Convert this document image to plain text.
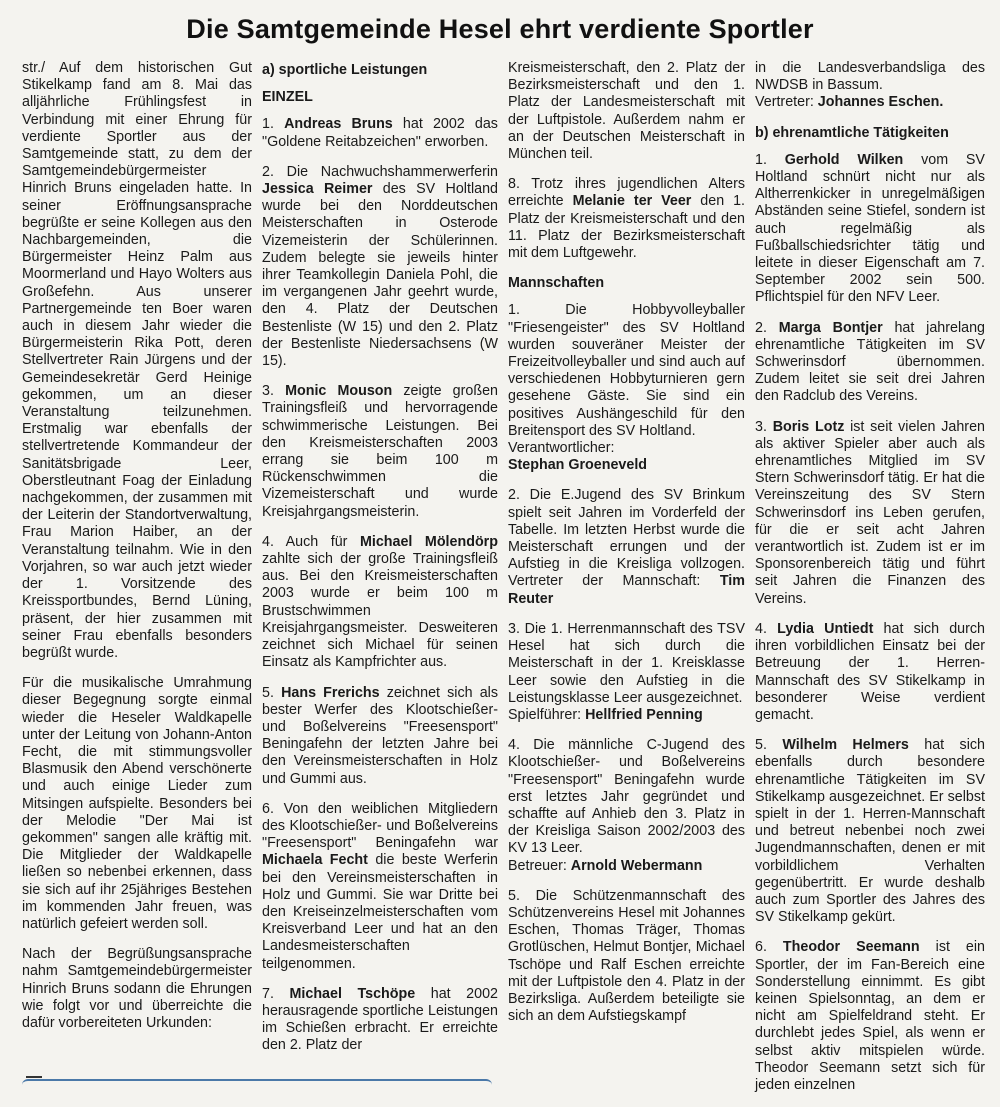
Die Samtgemeinde Hesel ehrt verdiente Sportler

str./ Auf dem historischen Gut Stikelkamp fand am 8. Mai das alljährliche Frühlingsfest in Verbindung mit einer Ehrung für verdiente Sportler aus der Samtgemeinde statt, zu dem der Samtgemeindebürgermeister Hinrich Bruns eingeladen hatte. In seiner Eröffnungsansprache begrüßte er seine Kollegen aus den Nachbargemeinden, die Bürgermeister Heinz Palm aus Moormerland und Hayo Wolters aus Großefehn. Aus unserer Partnergemeinde ten Boer waren auch in diesem Jahr wieder die Bürgermeisterin Rika Pott, deren Stellvertreter Rain Jürgens und der Gemeindesekretär Gerd Heinige gekommen, um an dieser Veranstaltung teilzunehmen. Erstmalig war ebenfalls der stellvertretende Kommandeur der Sanitätsbrigade Leer, Oberstleutnant Foag der Einladung nachgekommen, der zusammen mit der Leiterin der Standortverwaltung, Frau Marion Haiber, an der Veranstaltung teilnahm. Wie in den Vorjahren, so war auch jetzt wieder der 1. Vorsitzende des Kreissportbundes, Bernd Lüning, präsent, der hier zusammen mit seiner Frau ebenfalls besonders begrüßt wurde.

Für die musikalische Umrahmung dieser Begegnung sorgte einmal wieder die Heseler Waldkapelle unter der Leitung von Johann-Anton Fecht, die mit stimmungsvoller Blasmusik den Abend verschönerte und auch einige Lieder zum Mitsingen aufspielte. Besonders bei der Melodie "Der Mai ist gekommen" sangen alle kräftig mit. Die Mitglieder der Waldkapelle ließen so nebenbei erkennen, dass sie sich auf ihr 25jähriges Bestehen im kommenden Jahr freuen, was natürlich gefeiert werden soll.

Nach der Begrüßungsansprache nahm Samtgemeindebürgermeister Hinrich Bruns sodann die Ehrungen wie folgt vor und überreichte die dafür vorbereiteten Urkunden:

a) sportliche Leistungen
EINZEL

1. Andreas Bruns hat 2002 das "Goldene Reitabzeichen" erworben.

2. Die Nachwuchshammerwerferin Jessica Reimer des SV Holtland wurde bei den Norddeutschen Meisterschaften in Osterode Vizemeisterin der Schülerinnen. Zudem belegte sie jeweils hinter ihrer Teamkollegin Daniela Pohl, die im vergangenen Jahr geehrt wurde, den 4. Platz der Deutschen Bestenliste (W 15) und den 2. Platz der Bestenliste Niedersachsens (W 15).

3. Monic Mouson zeigte großen Trainingsfleiß und hervorragende schwimmerische Leistungen. Bei den Kreismeisterschaften 2003 errang sie beim 100 m Rückenschwimmen die Vizemeisterschaft und wurde Kreisjahrgangsmeisterin.

4. Auch für Michael Mölendörp zahlte sich der große Trainingsfleiß aus. Bei den Kreismeisterschaften 2003 wurde er beim 100 m Brustschwimmen Kreisjahrgangsmeister. Desweiteren zeichnet sich Michael für seinen Einsatz als Kampfrichter aus.

5. Hans Frerichs zeichnet sich als bester Werfer des Klootschießer- und Boßelvereins "Freesensport" Beningafehn der letzten Jahre bei den Vereinsmeisterschaften in Holz und Gummi aus.

6. Von den weiblichen Mitgliedern des Klootschießer- und Boßelvereins "Freesensport" Beningafehn war Michaela Fecht die beste Werferin bei den Vereinsmeisterschaften in Holz und Gummi. Sie war Dritte bei den Kreiseinzelmeisterschaften vom Kreisverband Leer und hat an den Landesmeisterschaften teilgenommen.

7. Michael Tschöpe hat 2002 herausragende sportliche Leistungen im Schießen erbracht. Er erreichte den 2. Platz der

Kreismeisterschaft, den 2. Platz der Bezirksmeisterschaft und den 1. Platz der Landesmeisterschaft mit der Luftpistole. Außerdem nahm er an der Deutschen Meisterschaft in München teil.

8. Trotz ihres jugendlichen Alters erreichte Melanie ter Veer den 1. Platz der Kreismeisterschaft und den 11. Platz der Bezirksmeisterschaft mit dem Luftgewehr.

Mannschaften

1. Die Hobbyvolleyballer "Friesengeister" des SV Holtland wurden souveräner Meister der Freizeitvolleyballer und sind auch auf verschiedenen Hobbyturnieren gern gesehene Gäste. Sie sind ein positives Aushängeschild für den Breitensport des SV Holtland.
Verantwortlicher:
Stephan Groeneveld

2. Die E.Jugend des SV Brinkum spielt seit Jahren im Vorderfeld der Tabelle. Im letzten Herbst wurde die Meisterschaft errungen und der Aufstieg in die Kreisliga vollzogen. Vertreter der Mannschaft: Tim Reuter

3. Die 1. Herrenmannschaft des TSV Hesel hat sich durch die Meisterschaft in der 1. Kreisklasse Leer sowie den Aufstieg in die Leistungsklasse Leer ausgezeichnet.
Spielführer: Hellfried Penning

4. Die männliche C-Jugend des Klootschießer- und Boßelvereins "Freesensport" Beningafehn wurde erst letztes Jahr gegründet und schaffte auf Anhieb den 3. Platz in der Kreisliga Saison 2002/2003 des KV 13 Leer.
Betreuer: Arnold Webermann

5. Die Schützenmannschaft des Schützenvereins Hesel mit Johannes Eschen, Thomas Träger, Thomas Grotlüschen, Helmut Bontjer, Michael Tschöpe und Ralf Eschen erreichte mit der Luftpistole den 4. Platz in der Bezirksliga. Außerdem beteiligte sie sich an dem Aufstiegskampf

in die Landesverbandsliga des NWDSB in Bassum.
Vertreter: Johannes Eschen.

b) ehrenamtliche Tätigkeiten

1. Gerhold Wilken vom SV Holtland schnürt nicht nur als Altherrenkicker in unregelmäßigen Abständen seine Stiefel, sondern ist auch regelmäßig als Fußballschiedsrichter tätig und leitete in dieser Eigenschaft am 7. September 2002 sein 500. Pflichtspiel für den NFV Leer.

2. Marga Bontjer hat jahrelang ehrenamtliche Tätigkeiten im SV Schwerinsdorf übernommen. Zudem leitet sie seit drei Jahren den Radclub des Vereins.

3. Boris Lotz ist seit vielen Jahren als aktiver Spieler aber auch als ehrenamtliches Mitglied im SV Stern Schwerinsdorf tätig. Er hat die Vereinszeitung des SV Stern Schwerinsdorf ins Leben gerufen, für die er seit acht Jahren verantwortlich ist. Zudem ist er im Sponsorenbereich tätig und führt seit Jahren die Finanzen des Vereins.

4. Lydia Untiedt hat sich durch ihren vorbildlichen Einsatz bei der Betreuung der 1. Herren-Mannschaft des SV Stikelkamp in besonderer Weise verdient gemacht.

5. Wilhelm Helmers hat sich ebenfalls durch besondere ehrenamtliche Tätigkeiten im SV Stikelkamp ausgezeichnet. Er selbst spielt in der 1. Herren-Mannschaft und betreut nebenbei noch zwei Jugendmannschaften, denen er mit vorbildlichem Verhalten gegenübertritt. Er wurde deshalb auch zum Sportler des Jahres des SV Stikelkamp gekürt.

6. Theodor Seemann ist ein Sportler, der im Fan-Bereich eine Sonderstellung einnimmt. Es gibt keinen Spielsonntag, an dem er nicht am Spielfeldrand steht. Er durchlebt jedes Spiel, als wenn er selbst aktiv mitspielen würde. Theodor Seemann setzt sich für jeden einzelnen
